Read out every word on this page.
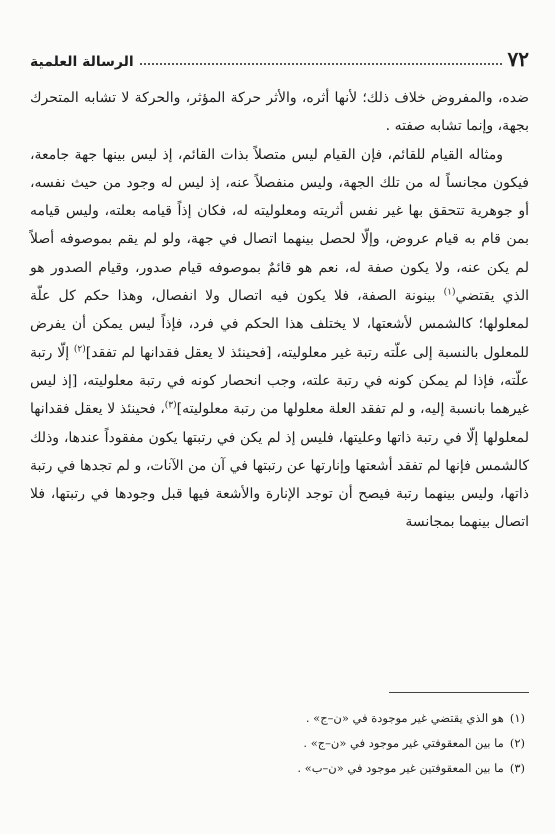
٧٢
الرسالة العلمية

ضده، والمفروض خلاف ذلك؛ لأنها أثره، والأثر حركة المؤثر، والحركة لا تشابه المتحرك بجهة، وإنما تشابه صفته .

ومثاله القيام للقائم، فإن القيام ليس متصلاً بذات القائم، إذ ليس بينها جهة جامعة، فيكون مجانساً له من تلك الجهة، وليس منفصلاً عنه، إذ ليس له وجود من حيث نفسه، أو جوهرية تتحقق بها غير نفس أثريته ومعلوليته له، فكان إذاً قيامه بعلته، وليس قيامه بمن قام به قيام عروض، وإلّا لحصل بينهما اتصال في جهة، ولو لم يقم بموصوفه أصلاً لم يكن عنه، ولا يكون صفة له، نعم هو قائمٌ بموصوفه قيام صدور، وقيام الصدور هو الذي يقتضي$^{(١)}$ بينونة الصفة، فلا يكون فيه اتصال ولا انفصال، وهذا حكم كل علّة لمعلولها؛ كالشمس لأشعتها، لا يختلف هذا الحكم في فرد، فإذاً ليس يمكن أن يفرض للمعلول بالنسبة إلى علّته رتبة غير معلوليته، [فحينئذ لا يعقل فقدانها لم تفقد]$^{(٢)}$ إلّا رتبة علّته، فإذا لم يمكن كونه في رتبة علته، وجب انحصار كونه في رتبة معلوليته، [إذ ليس غيرهما بانسبة إليه، و لم تفقد العلة معلولها من رتبة معلوليته]$^{(٣)}$، فحينئذ لا يعقل فقدانها لمعلولها إلّا في رتبة ذاتها وعليتها، فليس إذ لم يكن في رتبتها يكون مفقوداً عندها، وذلك كالشمس فإنها لم تفقد أشعتها وإنارتها عن رتبتها في آن من الآنات، و لم تجدها في رتبة ذاتها، وليس بينهما رتبة فيصح أن توجد الإنارة والأشعة فيها قبل وجودها في رتبتها، فلا اتصال بينهما بمجانسة

(١)
هو الذي يقتضي غير موجودة في «ن–ج» .

(٢)
ما بين المعقوفتي غير موجود في «ن–ج» .

(٣)
ما بين المعقوفتين غير موجود في «ن–ب» .
